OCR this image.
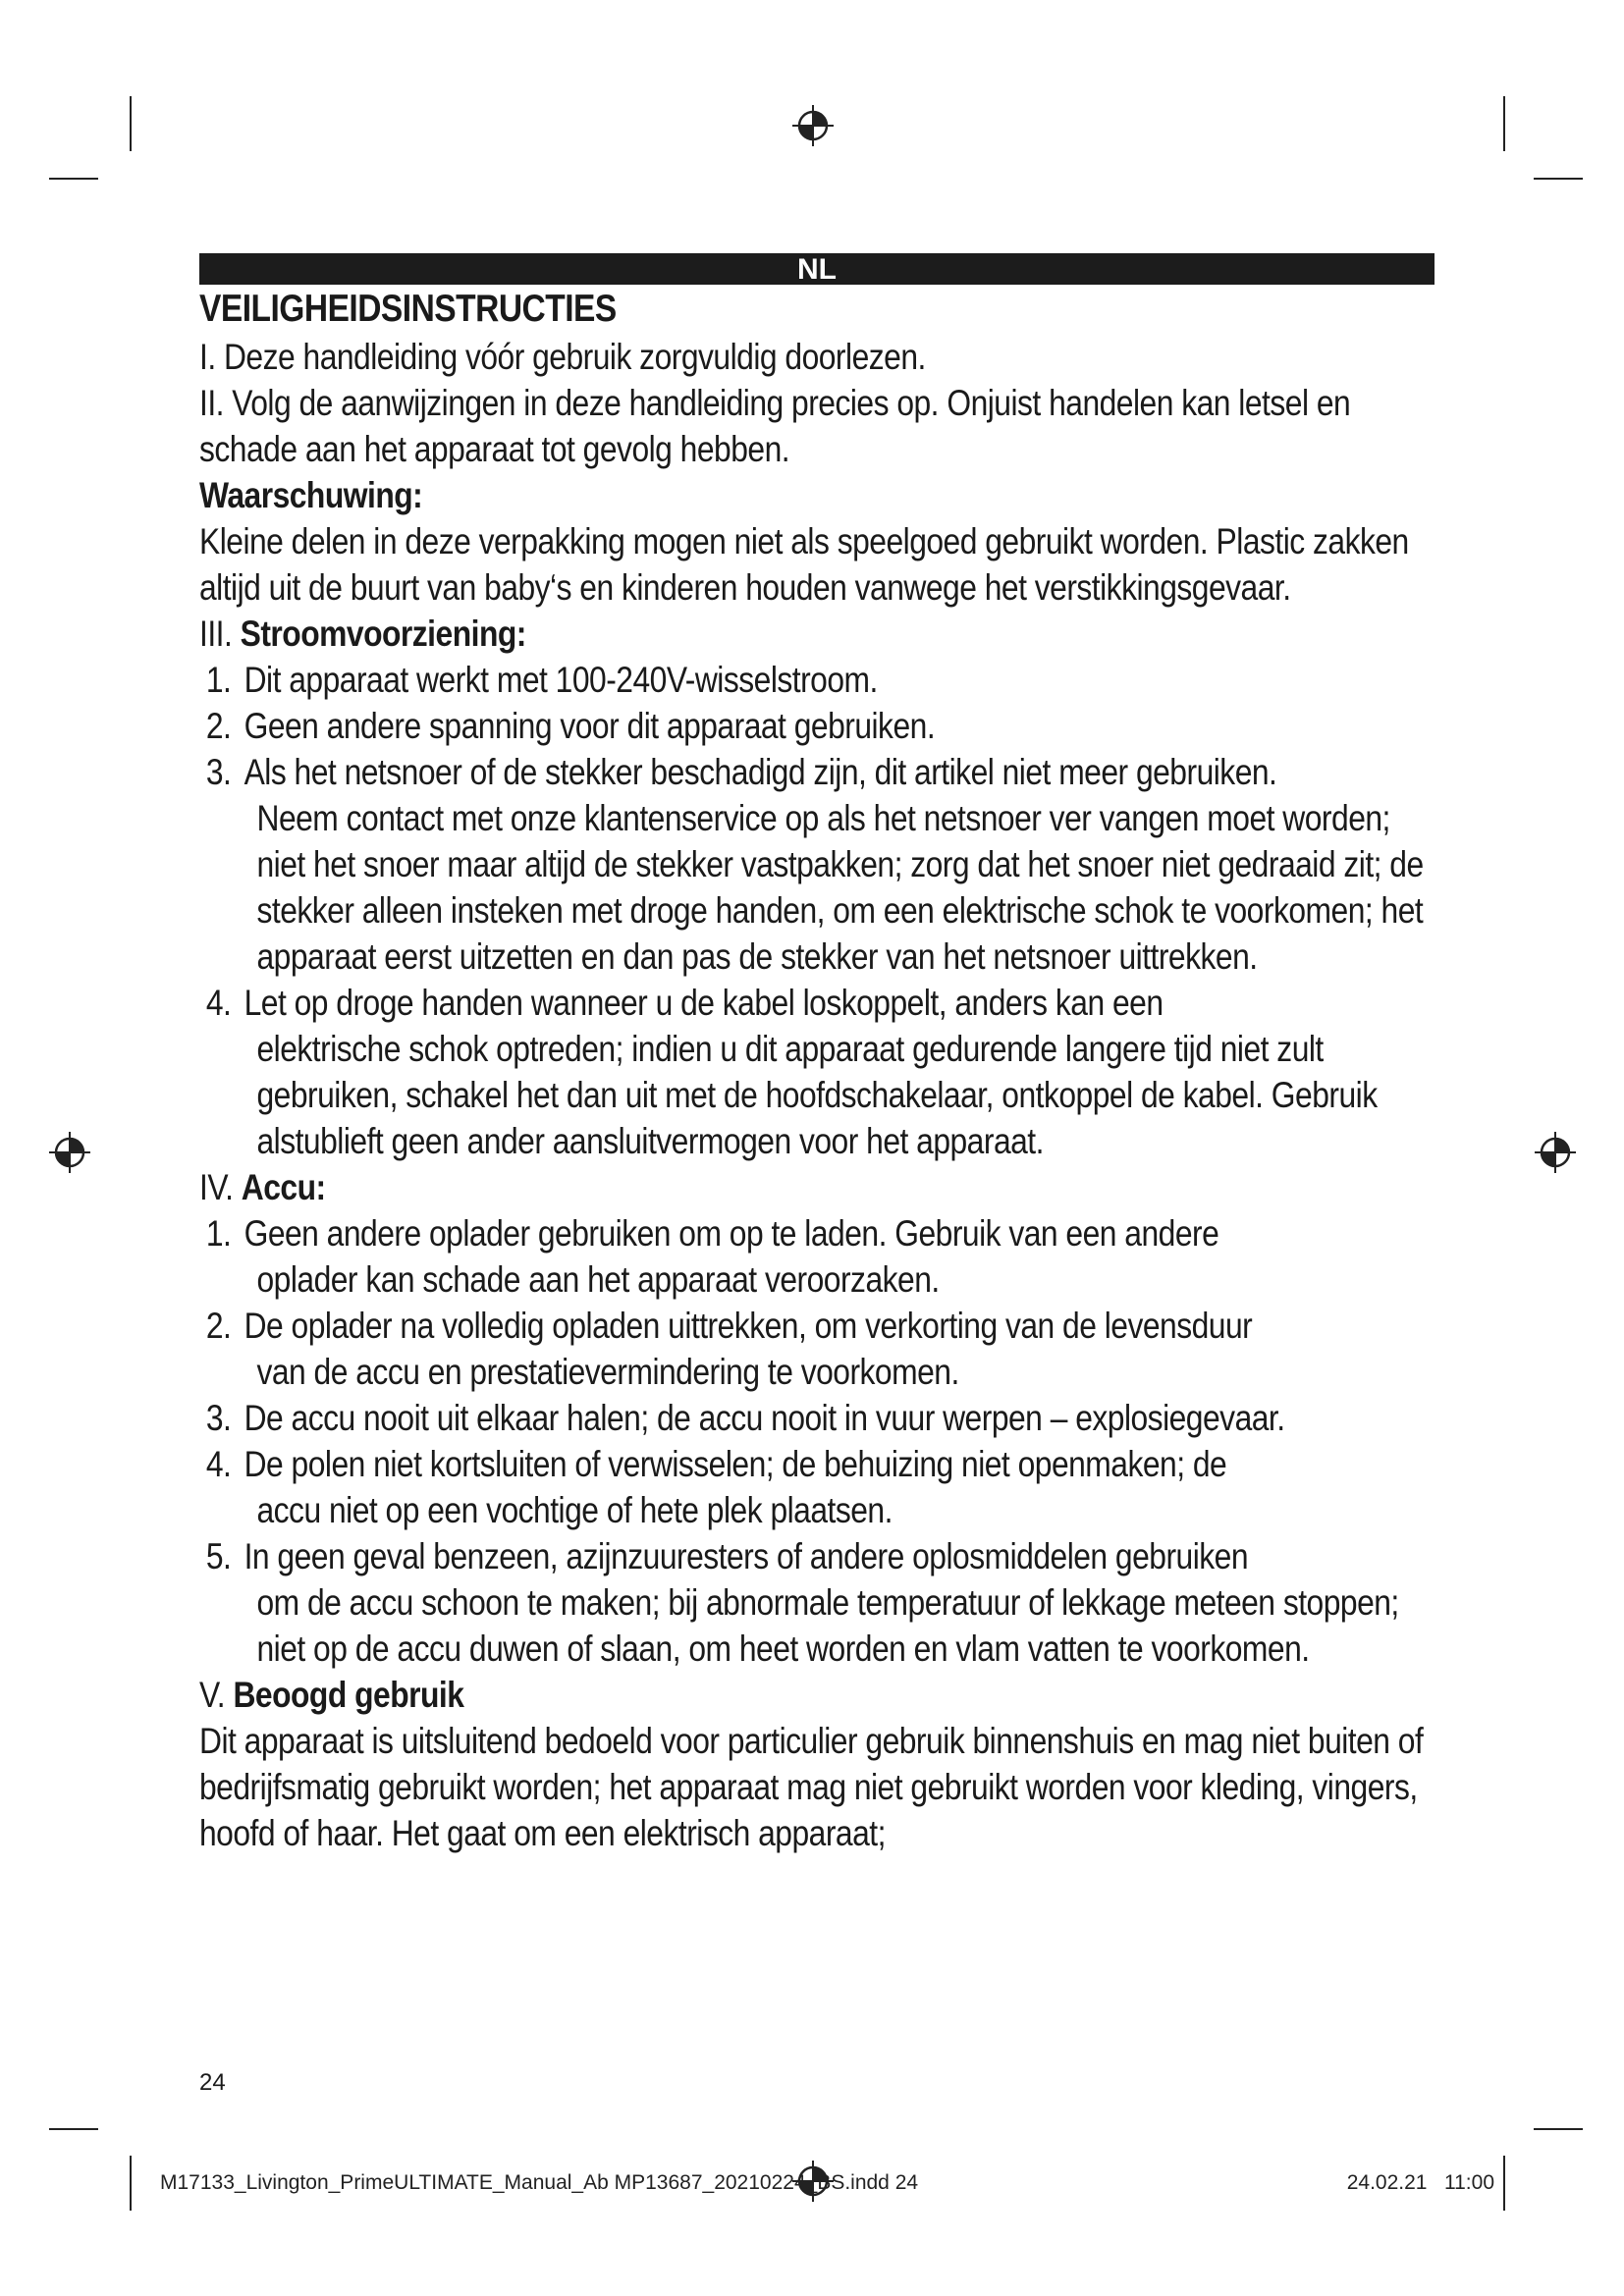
NL
VEILIGHEIDSINSTRUCTIES

I. Deze handleiding vóór gebruik zorgvuldig doorlezen.

II. Volg de aanwijzingen in deze handleiding precies op. Onjuist handelen kan letsel en schade aan het apparaat tot gevolg hebben.

Waarschuwing:

Kleine delen in deze verpakking mogen niet als speelgoed gebruikt worden. Plastic zakken altijd uit de buurt van baby‘s en kinderen houden vanwege het verstikkingsgevaar.

III. Stroomvoorziening:

1. Dit apparaat werkt met 100-240V-wisselstroom.
2. Geen andere spanning voor dit apparaat gebruiken.
3. Als het netsnoer of de stekker beschadigd zijn, dit artikel niet meer gebruiken.
Neem contact met onze klantenservice op als het netsnoer ver vangen moet worden; niet het snoer maar altijd de stekker vastpakken; zorg dat het snoer niet gedraaid zit; de stekker alleen insteken met droge handen, om een elektrische schok te voorkomen; het apparaat eerst uitzetten en dan pas de stekker van het netsnoer uittrekken.
4. Let op droge handen wanneer u de kabel loskoppelt, anders kan een
elektrische schok optreden; indien u dit apparaat gedurende langere tijd niet zult gebruiken, schakel het dan uit met de hoofdschakelaar, ontkoppel de kabel. Gebruik alstublieft geen ander aansluitvermogen voor het apparaat.

IV. Accu:

1. Geen andere oplader gebruiken om op te laden. Gebruik van een andere
oplader kan schade aan het apparaat veroorzaken.
2. De oplader na volledig opladen uittrekken, om verkorting van de levensduur
van de accu en prestatievermindering te voorkomen.
3. De accu nooit uit elkaar halen; de accu nooit in vuur werpen – explosiegevaar.
4. De polen niet kortsluiten of verwisselen; de behuizing niet openmaken; de
accu niet op een vochtige of hete plek plaatsen.
5. In geen geval benzeen, azijnzuuresters of andere oplosmiddelen gebruiken
om de accu schoon te maken; bij abnormale temperatuur of lekkage meteen stoppen; niet op de accu duwen of slaan, om heet worden en vlam vatten te voorkomen.

V. Beoogd gebruik

Dit apparaat is uitsluitend bedoeld voor particulier gebruik binnenshuis en mag niet buiten of bedrijfsmatig gebruikt worden; het apparaat mag niet gebruikt worden voor kleding, vingers, hoofd of haar. Het gaat om een elektrisch apparaat;

24
M17133_Livington_PrimeULTIMATE_Manual_Ab MP13687_20210224_BS.indd 24	24.02.21 11:00
